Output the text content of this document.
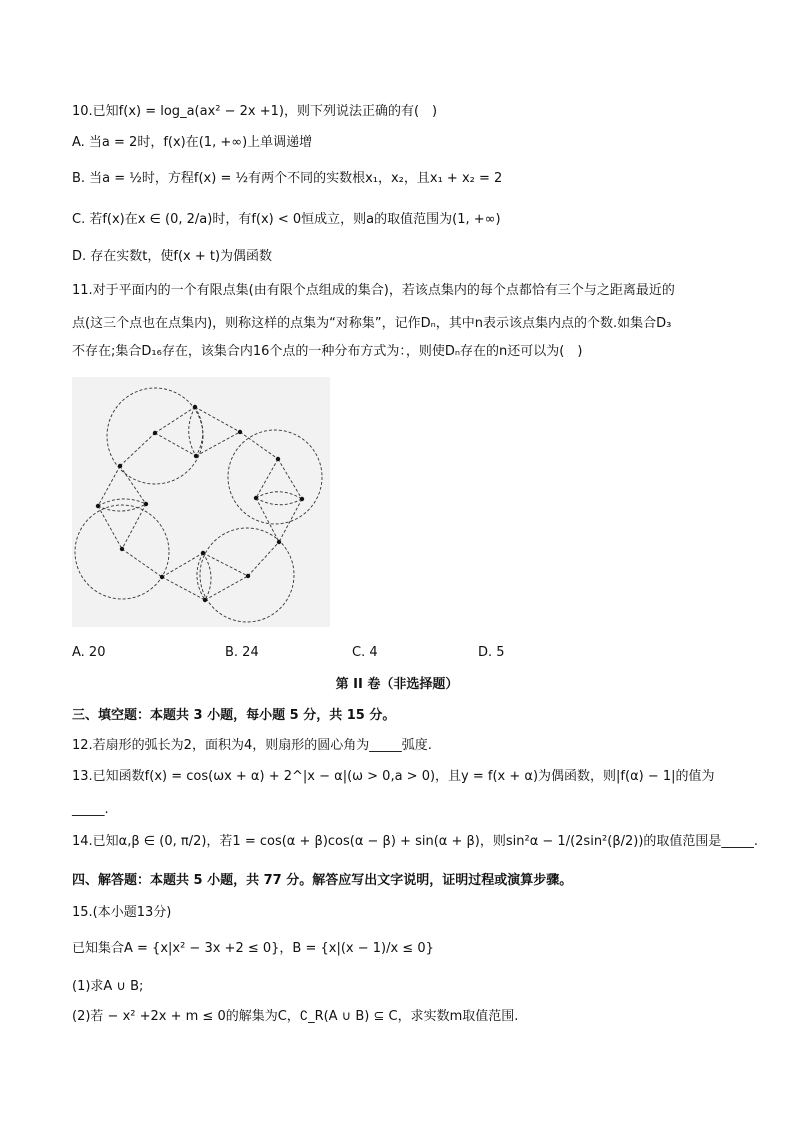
10.已知f(x) = log_a(ax² − 2x +1)，则下列说法正确的有(　)
A. 当a = 2时，f(x)在(1, +∞)上单调递增
B. 当a = ½时，方程f(x) = ½有两个不同的实数根x₁，x₂，且x₁ + x₂ = 2
C. 若f(x)在x ∈ (0, 2/a)时，有f(x) < 0恒成立，则a的取值范围为(1, +∞)
D. 存在实数t，使f(x + t)为偶函数
11.对于平面内的一个有限点集(由有限个点组成的集合)，若该点集内的每个点都恰有三个与之距离最近的
点(这三个点也在点集内)，则称这样的点集为“对称集”，记作Dₙ，其中n表示该点集内点的个数.如集合D₃
不存在;集合D₁₆存在，该集合内16个点的一种分布方式为：，则使Dₙ存在的n还可以为(　)
A. 20	B. 24	C. 4	D. 5
第 II 卷（非选择题）
三、填空题：本题共 3 小题，每小题 5 分，共 15 分。
12.若扇形的弧长为2，面积为4，则扇形的圆心角为_____弧度.
13.已知函数f(x) = cos(ωx + α) + 2^|x − α|(ω > 0,a > 0)，且y = f(x + α)为偶函数，则|f(α) − 1|的值为
_____.
14.已知α,β ∈ (0, π/2)，若1 = cos(α + β)cos(α − β) + sin(α + β)，则sin²α − 1/(2sin²(β/2))的取值范围是_____.
四、解答题：本题共 5 小题，共 77 分。解答应写出文字说明，证明过程或演算步骤。
15.(本小题13分)
已知集合A = {x|x² − 3x +2 ≤ 0}，B = {x|(x − 1)/x ≤ 0}
(1)求A ∪ B;
(2)若 − x² +2x + m ≤ 0的解集为C，∁_R(A ∪ B) ⊆ C，求实数m取值范围.
